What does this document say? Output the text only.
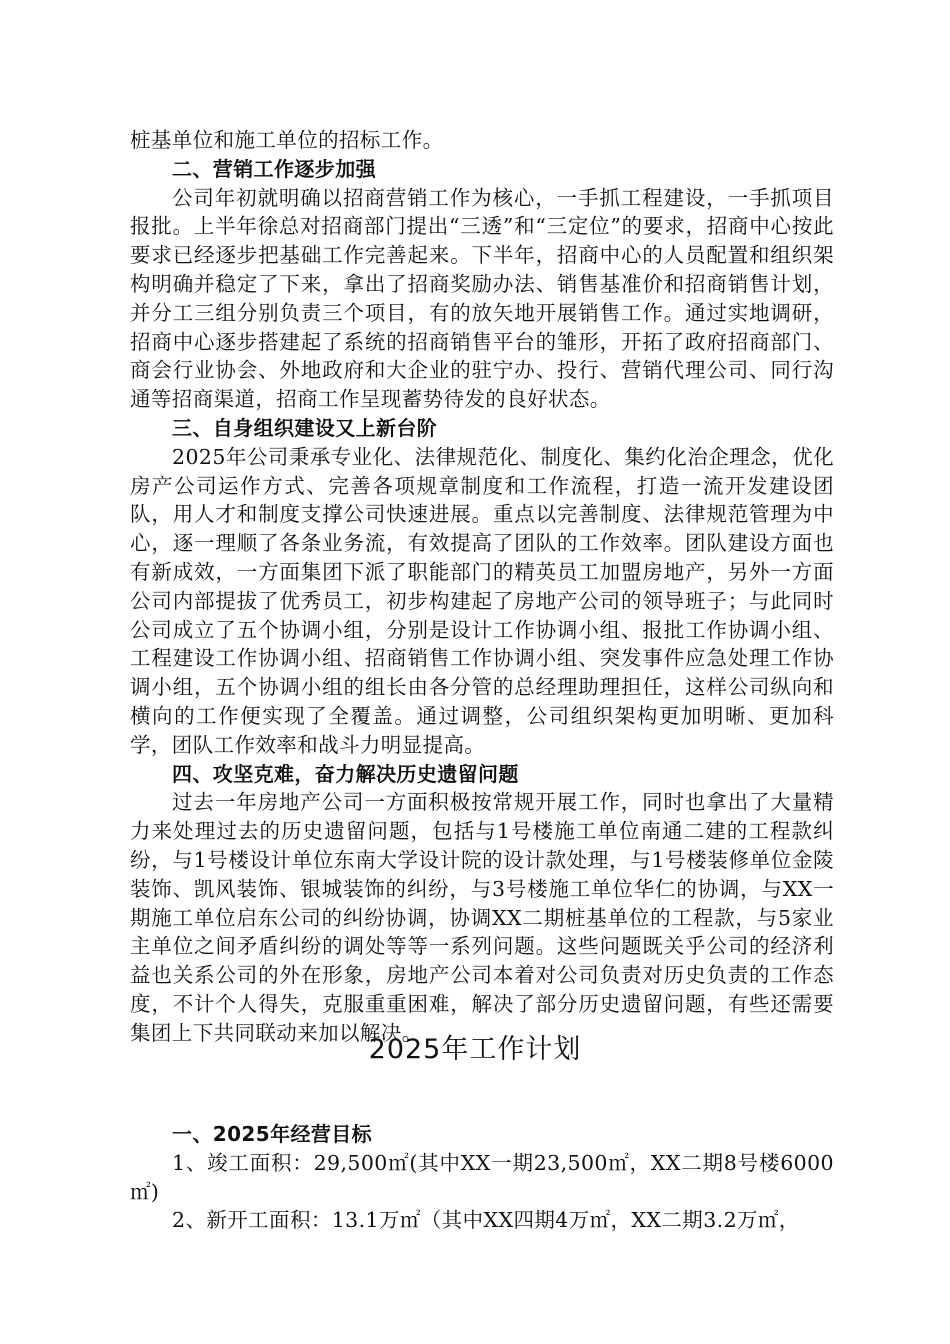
桩基单位和施工单位的招标工作。

二、营销工作逐步加强

公司年初就明确以招商营销工作为核心，一手抓工程建设，一手抓项目报批。上半年徐总对招商部门提出“三透”和“三定位”的要求，招商中心按此要求已经逐步把基础工作完善起来。下半年，招商中心的人员配置和组织架构明确并稳定了下来，拿出了招商奖励办法、销售基准价和招商销售计划，并分工三组分别负责三个项目，有的放矢地开展销售工作。通过实地调研，招商中心逐步搭建起了系统的招商销售平台的雏形，开拓了政府招商部门、商会行业协会、外地政府和大企业的驻宁办、投行、营销代理公司、同行沟通等招商渠道，招商工作呈现蓄势待发的良好状态。

三、自身组织建设又上新台阶

2025年公司秉承专业化、法律规范化、制度化、集约化治企理念，优化房产公司运作方式、完善各项规章制度和工作流程，打造一流开发建设团队，用人才和制度支撑公司快速进展。重点以完善制度、法律规范管理为中心，逐一理顺了各条业务流，有效提高了团队的工作效率。团队建设方面也有新成效，一方面集团下派了职能部门的精英员工加盟房地产，另外一方面公司内部提拔了优秀员工，初步构建起了房地产公司的领导班子；与此同时公司成立了五个协调小组，分别是设计工作协调小组、报批工作协调小组、工程建设工作协调小组、招商销售工作协调小组、突发事件应急处理工作协调小组，五个协调小组的组长由各分管的总经理助理担任，这样公司纵向和横向的工作便实现了全覆盖。通过调整，公司组织架构更加明晰、更加科学，团队工作效率和战斗力明显提高。

四、攻坚克难，奋力解决历史遗留问题

过去一年房地产公司一方面积极按常规开展工作，同时也拿出了大量精力来处理过去的历史遗留问题，包括与1号楼施工单位南通二建的工程款纠纷，与1号楼设计单位东南大学设计院的设计款处理，与1号楼装修单位金陵装饰、凯风装饰、银城装饰的纠纷，与3号楼施工单位华仁的协调，与XX一期施工单位启东公司的纠纷协调，协调XX二期桩基单位的工程款，与5家业主单位之间矛盾纠纷的调处等等一系列问题。这些问题既关乎公司的经济利益也关系公司的外在形象，房地产公司本着对公司负责对历史负责的工作态度，不计个人得失，克服重重困难，解决了部分历史遗留问题，有些还需要集团上下共同联动来加以解决。

2025年工作计划

一、2025年经营目标

1、竣工面积：29,500㎡(其中XX一期23,500㎡，XX二期8号楼6000㎡)

2、新开工面积：13.1万㎡（其中XX四期4万㎡，XX二期3.2万㎡，
